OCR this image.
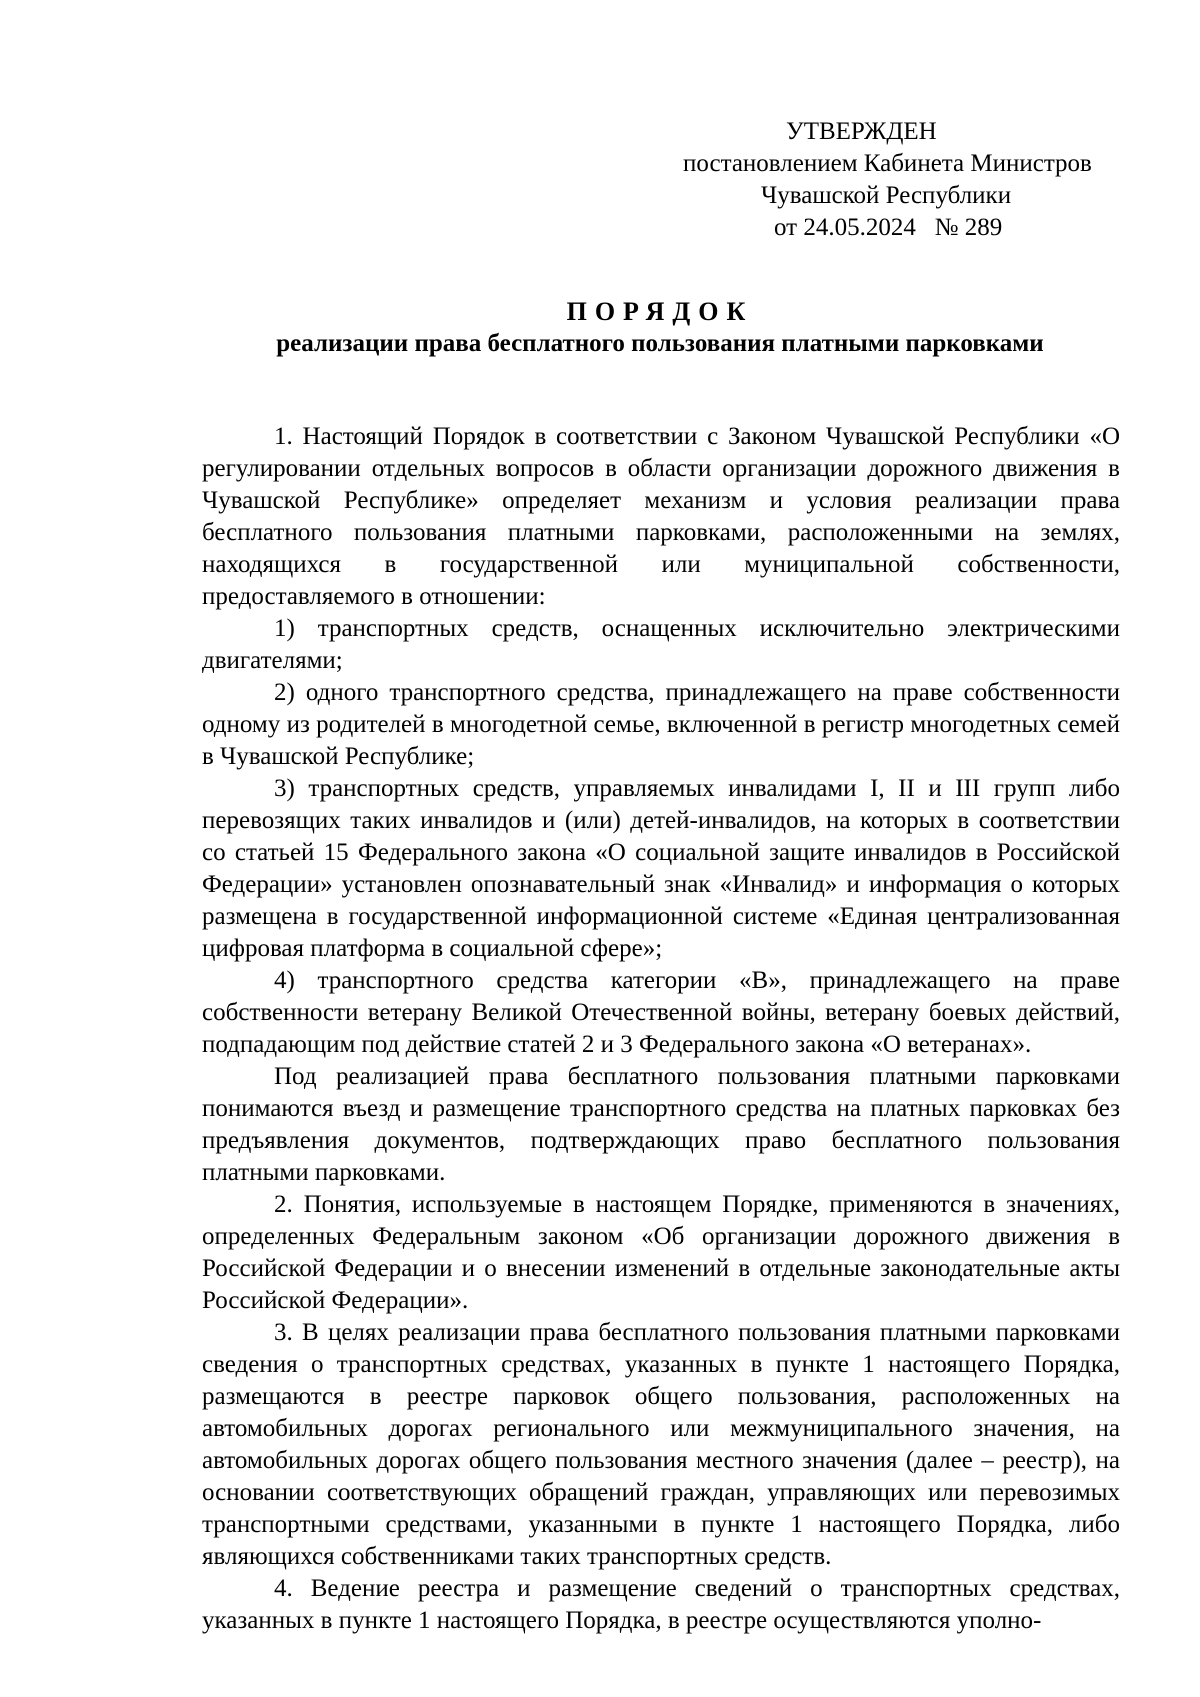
УТВЕРЖДЕН
постановлением Кабинета Министров
Чувашской Республики
от 24.05.2024   № 289
ПОРЯДОК
реализации права бесплатного пользования платными парковками

1. Настоящий Порядок в соответствии с Законом Чувашской Республики «О регулировании отдельных вопросов в области организации дорожного движения в Чувашской Республике» определяет механизм и условия реализации права бесплатного пользования платными парковками, расположенными на землях, находящихся в государственной или муниципальной собственности, предоставляемого в отношении:

1) транспортных средств, оснащенных исключительно электрическими двигателями;

2) одного транспортного средства, принадлежащего на праве собственности одному из родителей в многодетной семье, включенной в регистр многодетных семей в Чувашской Республике;

3) транспортных средств, управляемых инвалидами I, II и III групп либо перевозящих таких инвалидов и (или) детей-инвалидов, на которых в соответствии со статьей 15 Федерального закона «О социальной защите инвалидов в Российской Федерации» установлен опознавательный знак «Инвалид» и информация о которых размещена в государственной информационной системе «Единая централизованная цифровая платформа в социальной сфере»;

4) транспортного средства категории «B», принадлежащего на праве собственности ветерану Великой Отечественной войны, ветерану боевых действий, подпадающим под действие статей 2 и 3 Федерального закона «О ветеранах».

Под реализацией права бесплатного пользования платными парковками понимаются въезд и размещение транспортного средства на платных парковках без предъявления документов, подтверждающих право бесплатного пользования платными парковками.

2. Понятия, используемые в настоящем Порядке, применяются в значениях, определенных Федеральным законом «Об организации дорожного движения в Российской Федерации и о внесении изменений в отдельные законодательные акты Российской Федерации».

3. В целях реализации права бесплатного пользования платными парковками сведения о транспортных средствах, указанных в пункте 1 настоящего Порядка, размещаются в реестре парковок общего пользования, расположенных на автомобильных дорогах регионального или межмуниципального значения, на автомобильных дорогах общего пользования местного значения (далее – реестр), на основании соответствующих обращений граждан, управляющих или перевозимых транспортными средствами, указанными в пункте 1 настоящего Порядка, либо являющихся собственниками таких транспортных средств.

4. Ведение реестра и размещение сведений о транспортных средствах, указанных в пункте 1 настоящего Порядка, в реестре осуществляются уполно-
